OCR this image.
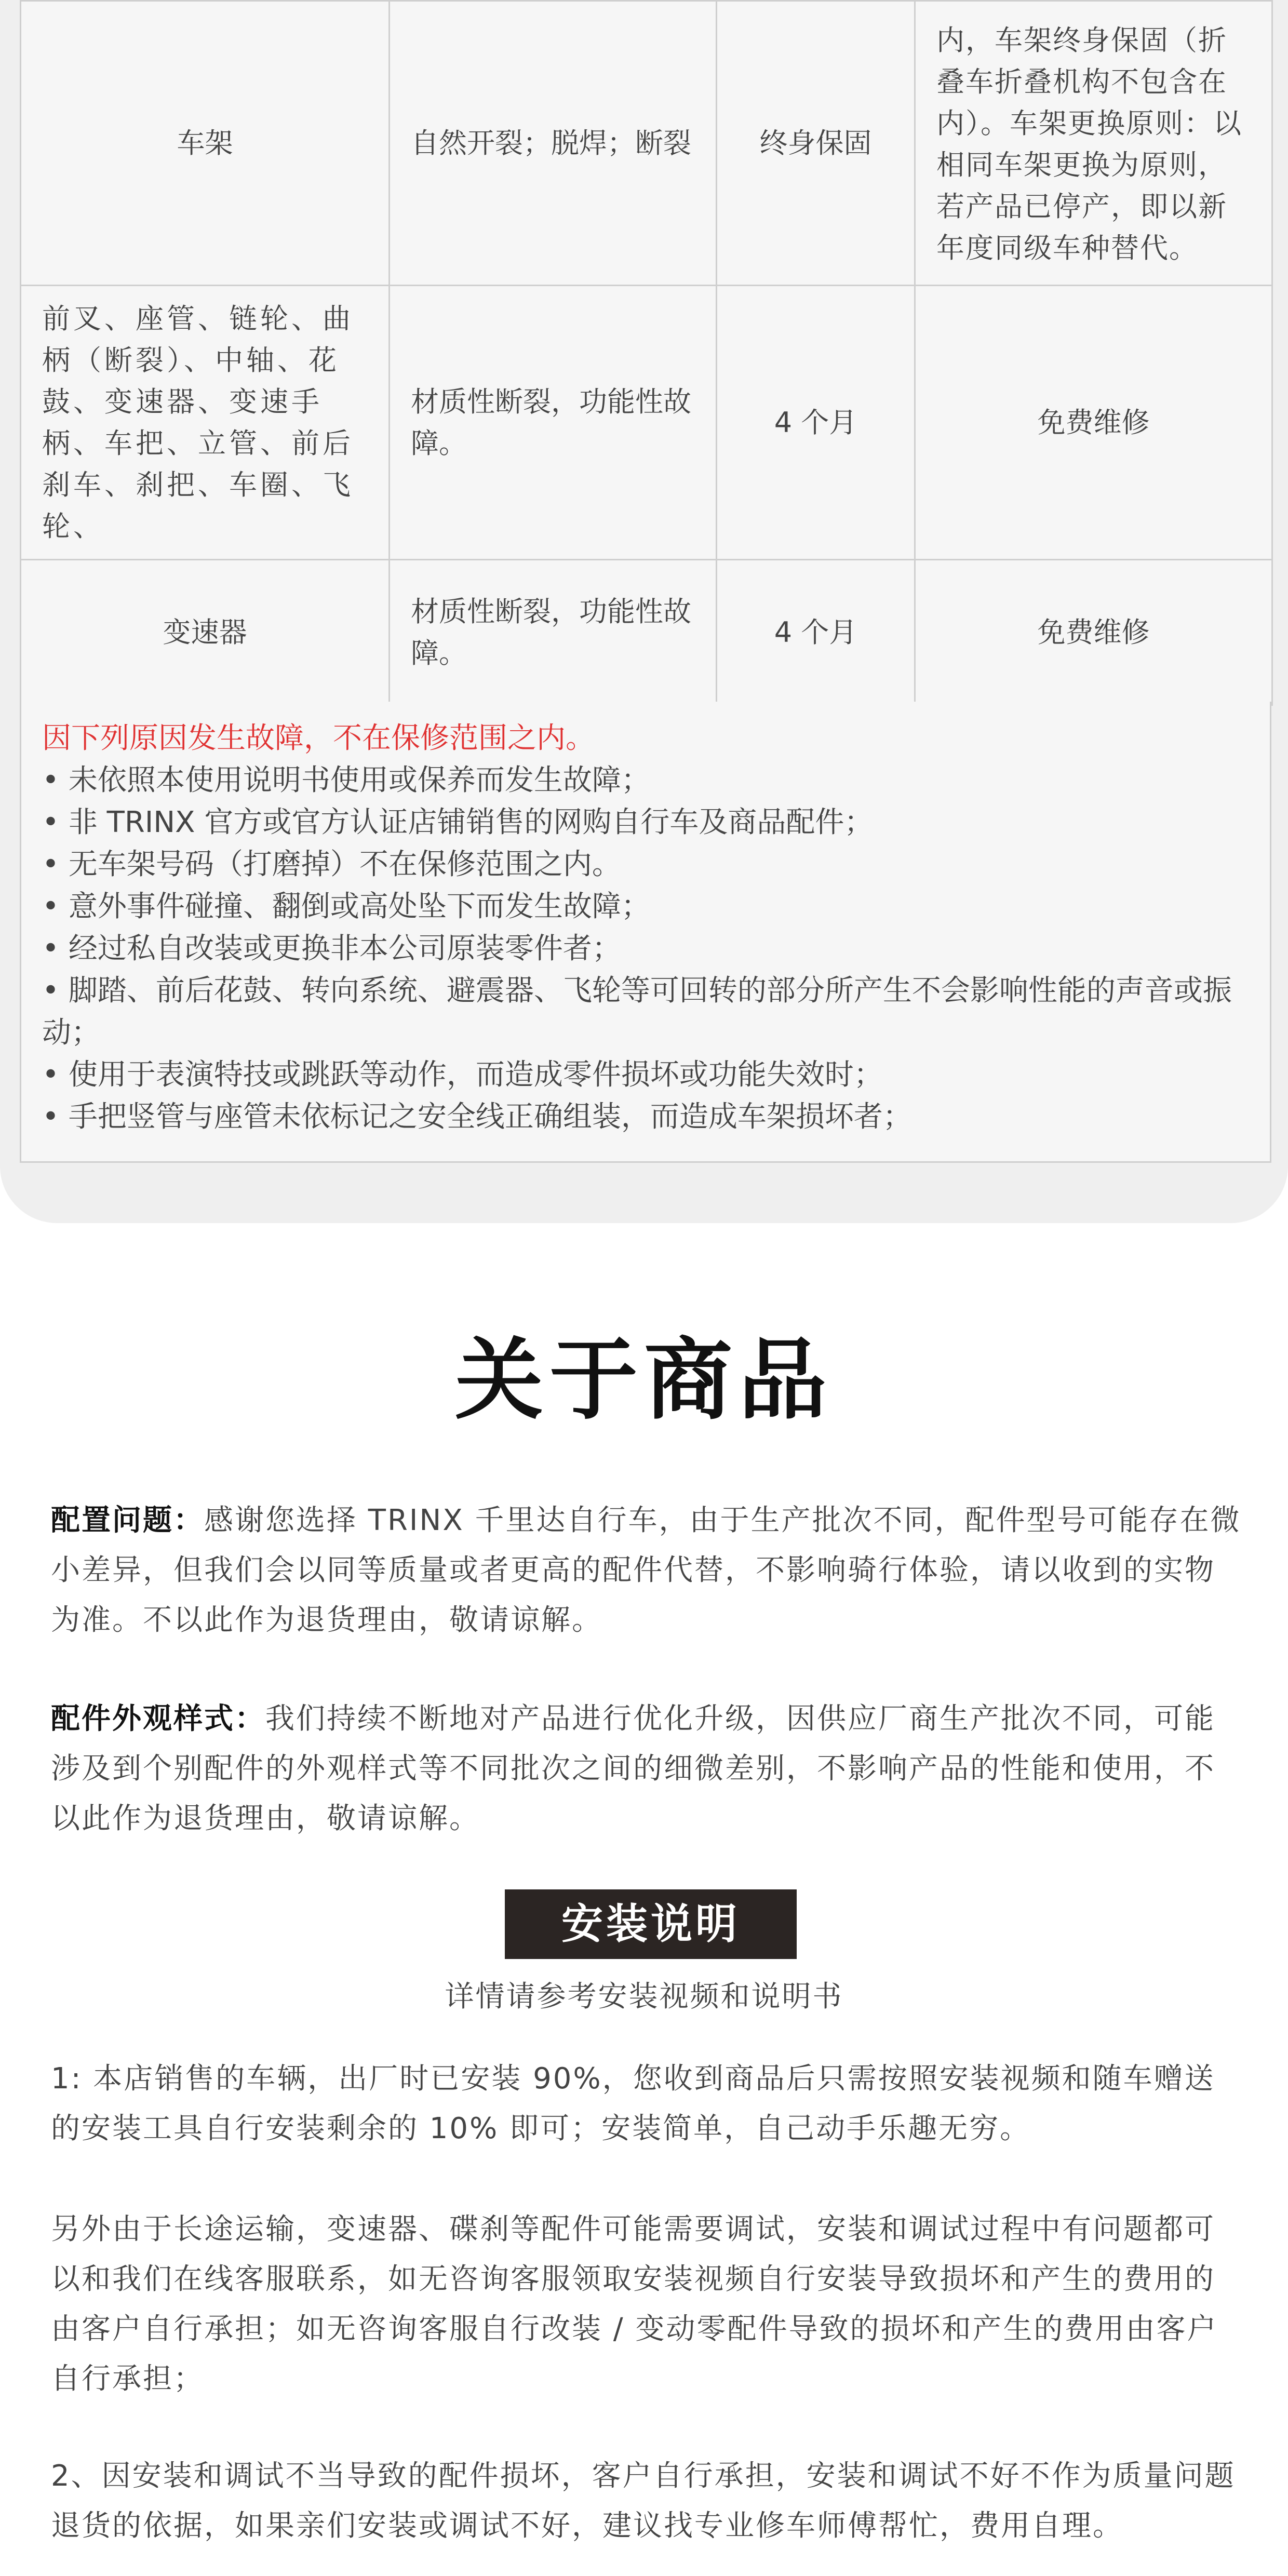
车架	自然开裂；脱焊；断裂	终身保固	内，车架终身保固（折叠车折叠机构不包含在内）。车架更换原则：以相同车架更换为原则，若产品已停产，即以新年度同级车种替代。

前叉、座管、链轮、曲柄（断裂）、中轴、花鼓、变速器、变速手柄、车把、立管、前后刹车、刹把、车圈、飞轮、	材质性断裂，功能性故障。	4 个月	免费维修
变速器	材质性断裂，功能性故障。	4 个月	免费维修
因下列原因发生故障，不在保修范围之内。
• 未依照本使用说明书使用或保养而发生故障；
• 非 TRINX 官方或官方认证店铺销售的网购自行车及商品配件；
• 无车架号码（打磨掉）不在保修范围之内。
• 意外事件碰撞、翻倒或高处坠下而发生故障；
• 经过私自改装或更换非本公司原装零件者；
• 脚踏、前后花鼓、转向系统、避震器、飞轮等可回转的部分所产生不会影响性能的声音或振动；
• 使用于表演特技或跳跃等动作，而造成零件损坏或功能失效时；
• 手把竖管与座管未依标记之安全线正确组装，而造成车架损坏者；
关于商品

配置问题：感谢您选择 TRINX 千里达自行车，由于生产批次不同，配件型号可能存在微小差异，但我们会以同等质量或者更高的配件代替，不影响骑行体验，请以收到的实物为准。不以此作为退货理由，敬请谅解。

配件外观样式：我们持续不断地对产品进行优化升级，因供应厂商生产批次不同，可能涉及到个别配件的外观样式等不同批次之间的细微差别，不影响产品的性能和使用，不以此作为退货理由，敬请谅解。

安装说明
详情请参考安装视频和说明书

1: 本店销售的车辆，出厂时已安装 90%，您收到商品后只需按照安装视频和随车赠送的安装工具自行安装剩余的 10% 即可；安装简单，自己动手乐趣无穷。

另外由于长途运输，变速器、碟刹等配件可能需要调试，安装和调试过程中有问题都可以和我们在线客服联系，如无咨询客服领取安装视频自行安装导致损坏和产生的费用的由客户自行承担；如无咨询客服自行改装 / 变动零配件导致的损坏和产生的费用由客户自行承担；

2、因安装和调试不当导致的配件损坏，客户自行承担，安装和调试不好不作为质量问题退货的依据，如果亲们安装或调试不好，建议找专业修车师傅帮忙，费用自理。
